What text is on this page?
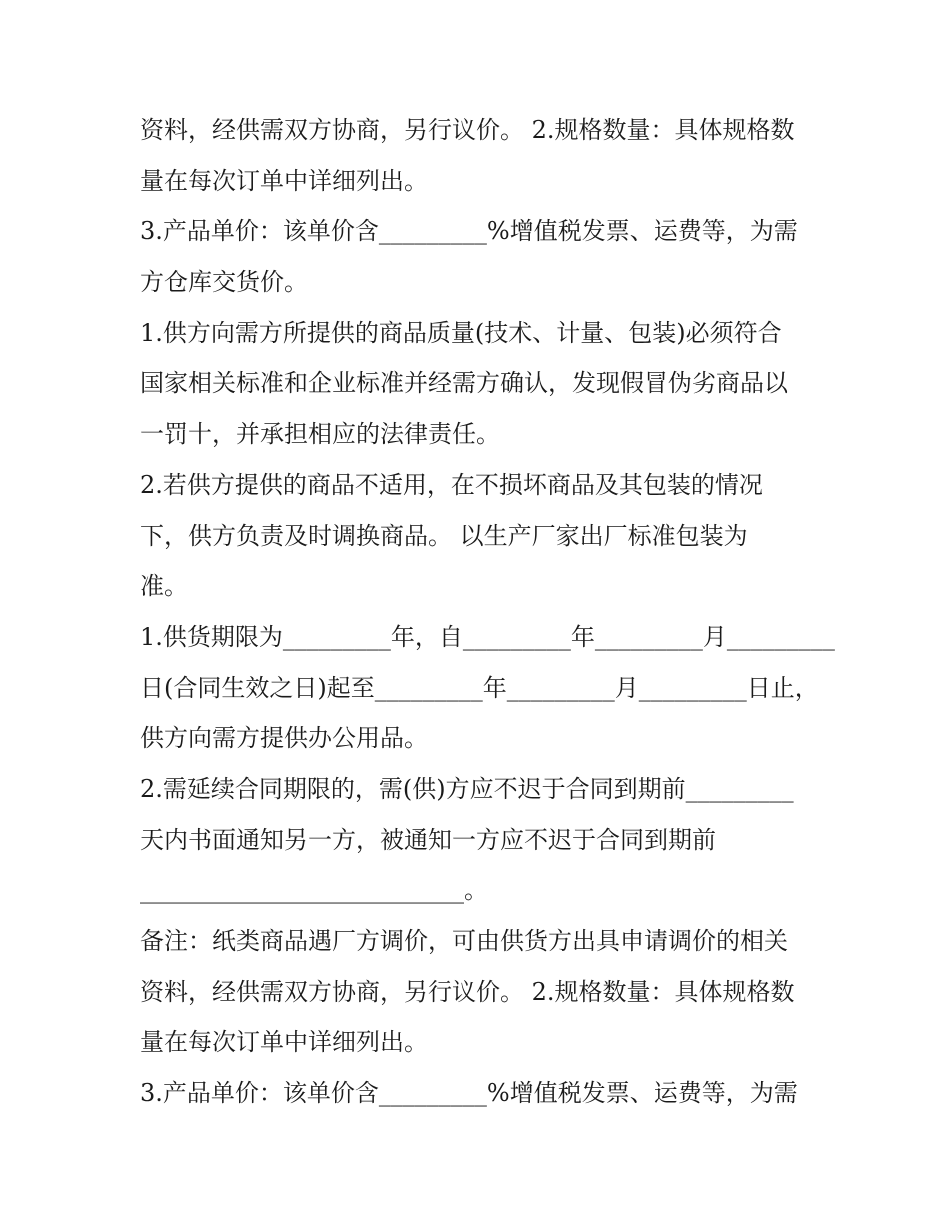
资料，经供需双方协商，另行议价。 2.规格数量：具体规格数

量在每次订单中详细列出。

3.产品单价：该单价含_________%增值税发票、运费等，为需

方仓库交货价。

1.供方向需方所提供的商品质量(技术、计量、包装)必须符合

国家相关标准和企业标准并经需方确认，发现假冒伪劣商品以

一罚十，并承担相应的法律责任。

2.若供方提供的商品不适用，在不损坏商品及其包装的情况

下，供方负责及时调换商品。 以生产厂家出厂标准包装为

准。

1.供货期限为_________年，自_________年_________月_________

日(合同生效之日)起至_________年_________月_________日止，

供方向需方提供办公用品。

2.需延续合同期限的，需(供)方应不迟于合同到期前_________

天内书面通知另一方，被通知一方应不迟于合同到期前

___________________________。

备注：纸类商品遇厂方调价，可由供货方出具申请调价的相关

资料，经供需双方协商，另行议价。 2.规格数量：具体规格数

量在每次订单中详细列出。

3.产品单价：该单价含_________%增值税发票、运费等，为需
